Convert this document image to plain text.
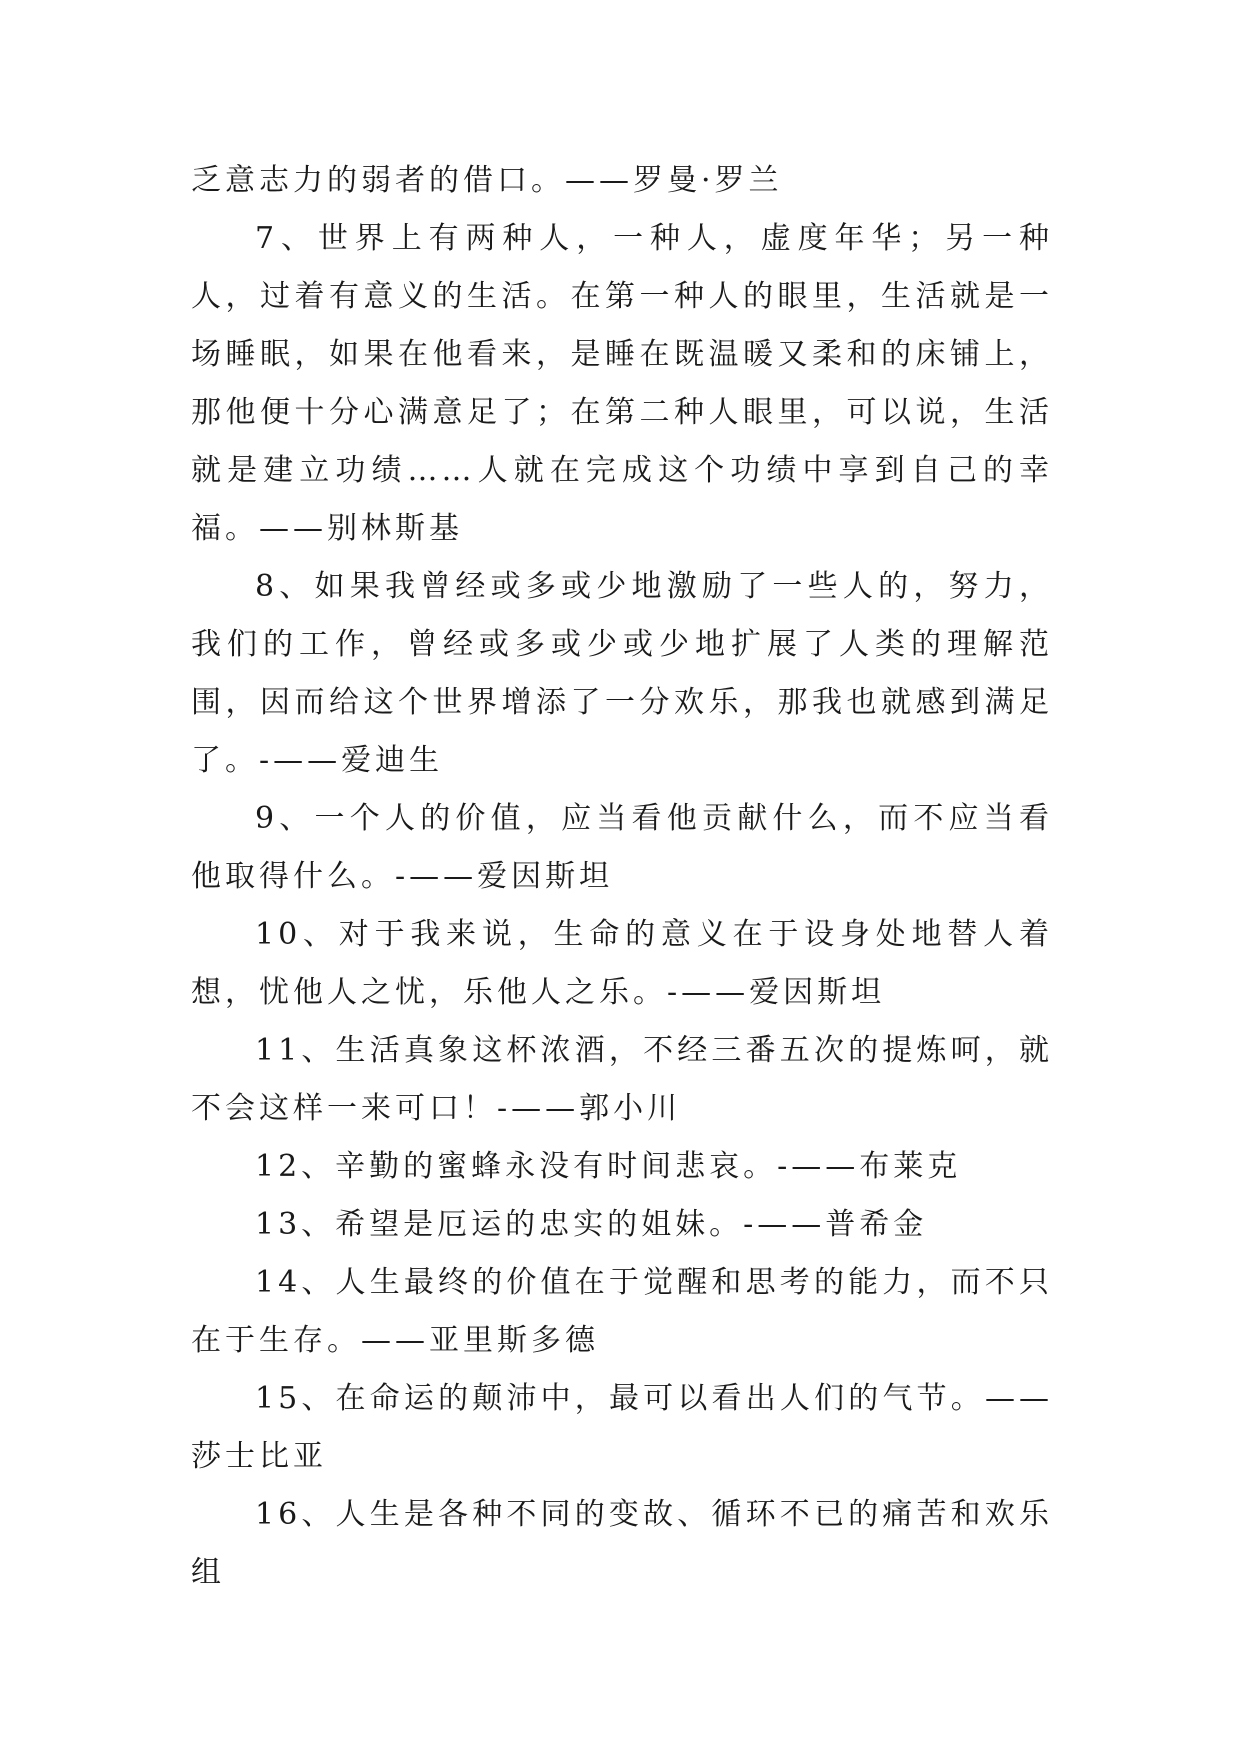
乏意志力的弱者的借口。——罗曼·罗兰

7、世界上有两种人，一种人，虚度年华；另一种人，过着有意义的生活。在第一种人的眼里，生活就是一场睡眠，如果在他看来，是睡在既温暖又柔和的床铺上，那他便十分心满意足了；在第二种人眼里，可以说，生活就是建立功绩……人就在完成这个功绩中享到自己的幸福。——别林斯基

8、如果我曾经或多或少地激励了一些人的，努力，我们的工作，曾经或多或少或少地扩展了人类的理解范围，因而给这个世界增添了一分欢乐，那我也就感到满足了。-——爱迪生

9、一个人的价值，应当看他贡献什么，而不应当看他取得什么。-——爱因斯坦

10、对于我来说，生命的意义在于设身处地替人着想，忧他人之忧，乐他人之乐。-——爱因斯坦

11、生活真象这杯浓酒，不经三番五次的提炼呵，就不会这样一来可口！-——郭小川

12、辛勤的蜜蜂永没有时间悲哀。-——布莱克

13、希望是厄运的忠实的姐妹。-——普希金

14、人生最终的价值在于觉醒和思考的能力，而不只在于生存。——亚里斯多德

15、在命运的颠沛中，最可以看出人们的气节。——莎士比亚

16、人生是各种不同的变故、循环不已的痛苦和欢乐组
